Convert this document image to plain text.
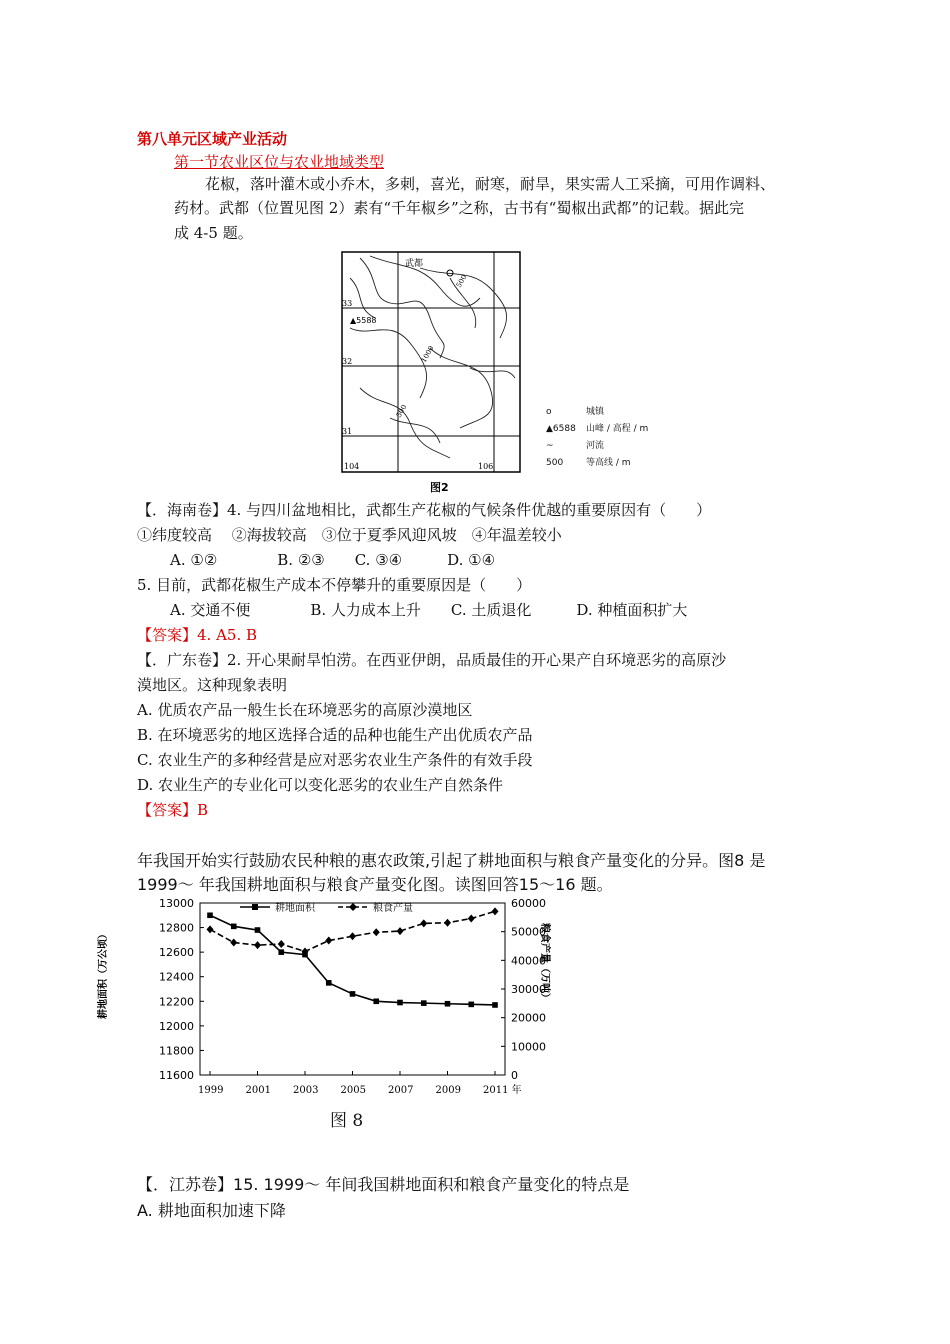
第八单元区域产业活动
第一节农业区位与农业地域类型
花椒，落叶灌木或小乔木，多刺，喜光，耐寒，耐旱，果实需人工采摘，可用作调料、
药材。武都（位置见图 2）素有“千年椒乡”之称，古书有“蜀椒出武都”的记载。据此完
成 4-5 题。
武都
▲5588
33
32
31
104	106
500
1000
500
图2
o	城镇
▲6588 山峰 / 高程 / m
~	河流
500	等高线 / m
【．海南卷】4. 与四川盆地相比，武都生产花椒的气候条件优越的重要原因有（　　）
①纬度较高　 ②海拔较高　③位于夏季风迎风坡　④年温差较小
A. ①②　　　　B. ②③　　C. ③④　　　D. ①④
5. 目前，武都花椒生产成本不停攀升的重要原因是（　　）
A. 交通不便　　　　B. 人力成本上升　　C. 土质退化　　　D. 种植面积扩大
【答案】4. A5. B
【．广东卷】2. 开心果耐旱怕涝。在西亚伊朗，品质最佳的开心果产自环境恶劣的高原沙
漠地区。这种现象表明
A. 优质农产品一般生长在环境恶劣的高原沙漠地区
B. 在环境恶劣的地区选择合适的品种也能生产出优质农产品
C. 农业生产的多种经营是应对恶劣农业生产条件的有效手段
D. 农业生产的专业化可以变化恶劣的农业生产自然条件
【答案】B
年我国开始实行鼓励农民种粮的惠农政策,引起了耕地面积与粮食产量变化的分异。图8 是
1999～ 年我国耕地面积与粮食产量变化图。读图回答15～16 题。
11600
11800
12000
12200
12400
12600
12800
13000
0
10000
20000
30000
40000
50000
60000
1999 2001 2003 2005 2007 2009 2011 年
耕地面积（万公顷）	粮食产量（万吨）
耕地面积	粮食产量
图 8
【．江苏卷】15. 1999～ 年间我国耕地面积和粮食产量变化的特点是
A. 耕地面积加速下降
